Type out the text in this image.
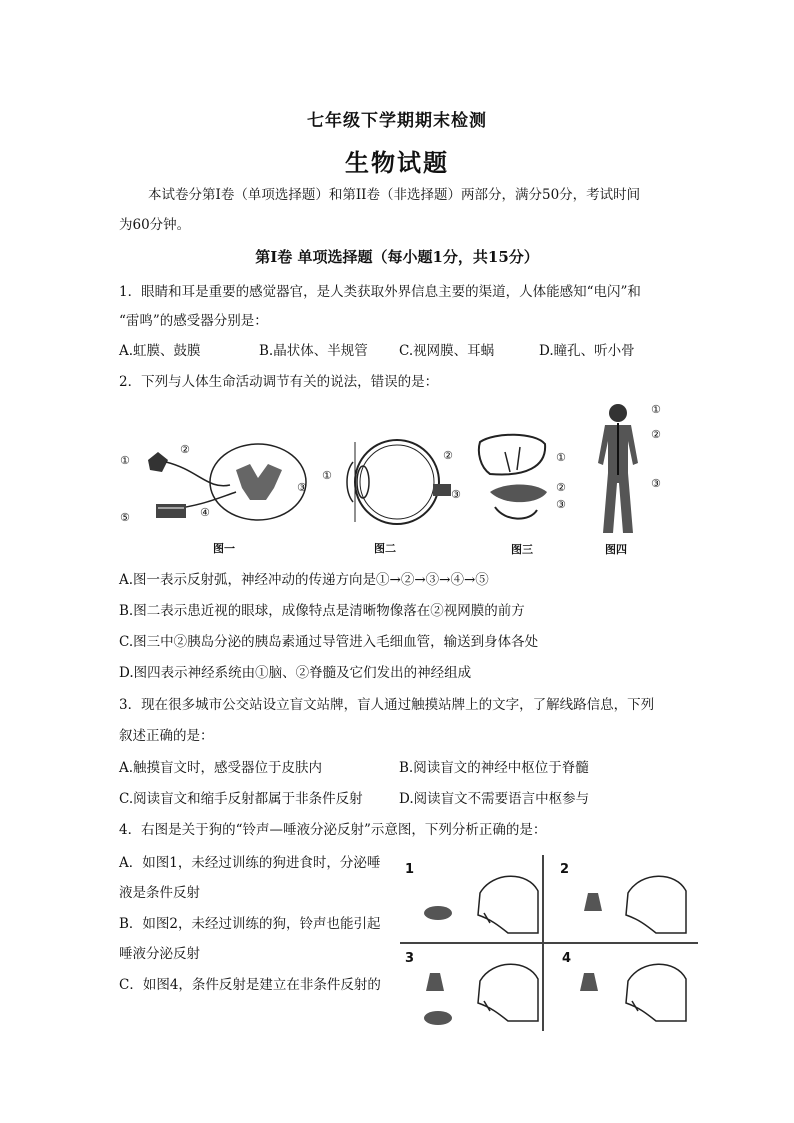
七年级下学期期末检测
生物试题
本试卷分第I卷（单项选择题）和第II卷（非选择题）两部分，满分50分，考试时间
为60分钟。
第I卷 单项选择题（每小题1分，共15分）
1．眼睛和耳是重要的感觉器官，是人类获取外界信息主要的渠道，人体能感知“电闪”和
“雷鸣”的感受器分别是：
A.虹膜、鼓膜	B.晶状体、半规管 C.视网膜、耳蜗	D.瞳孔、听小骨
2．下列与人体生命活动调节有关的说法，错误的是：
①
②
③
④
⑤
图一
①
②
③
图二
①
②
③
图三
①
②
③
图四
A.图一表示反射弧，神经冲动的传递方向是①→②→③→④→⑤
B.图二表示患近视的眼球，成像特点是清晰物像落在②视网膜的前方
C.图三中②胰岛分泌的胰岛素通过导管进入毛细血管，输送到身体各处
D.图四表示神经系统由①脑、②脊髓及它们发出的神经组成
3．现在很多城市公交站设立盲文站牌，盲人通过触摸站牌上的文字，了解线路信息，下列
叙述正确的是：
A.触摸盲文时，感受器位于皮肤内	B.阅读盲文的神经中枢位于脊髓
C.阅读盲文和缩手反射都属于非条件反射	D.阅读盲文不需要语言中枢参与
4．右图是关于狗的“铃声—唾液分泌反射”示意图，下列分析正确的是：
A．如图1，未经过训练的狗进食时，分泌唾
液是条件反射
B．如图2，未经过训练的狗，铃声也能引起
唾液分泌反射
C．如图4，条件反射是建立在非条件反射的
1	2
3	4
